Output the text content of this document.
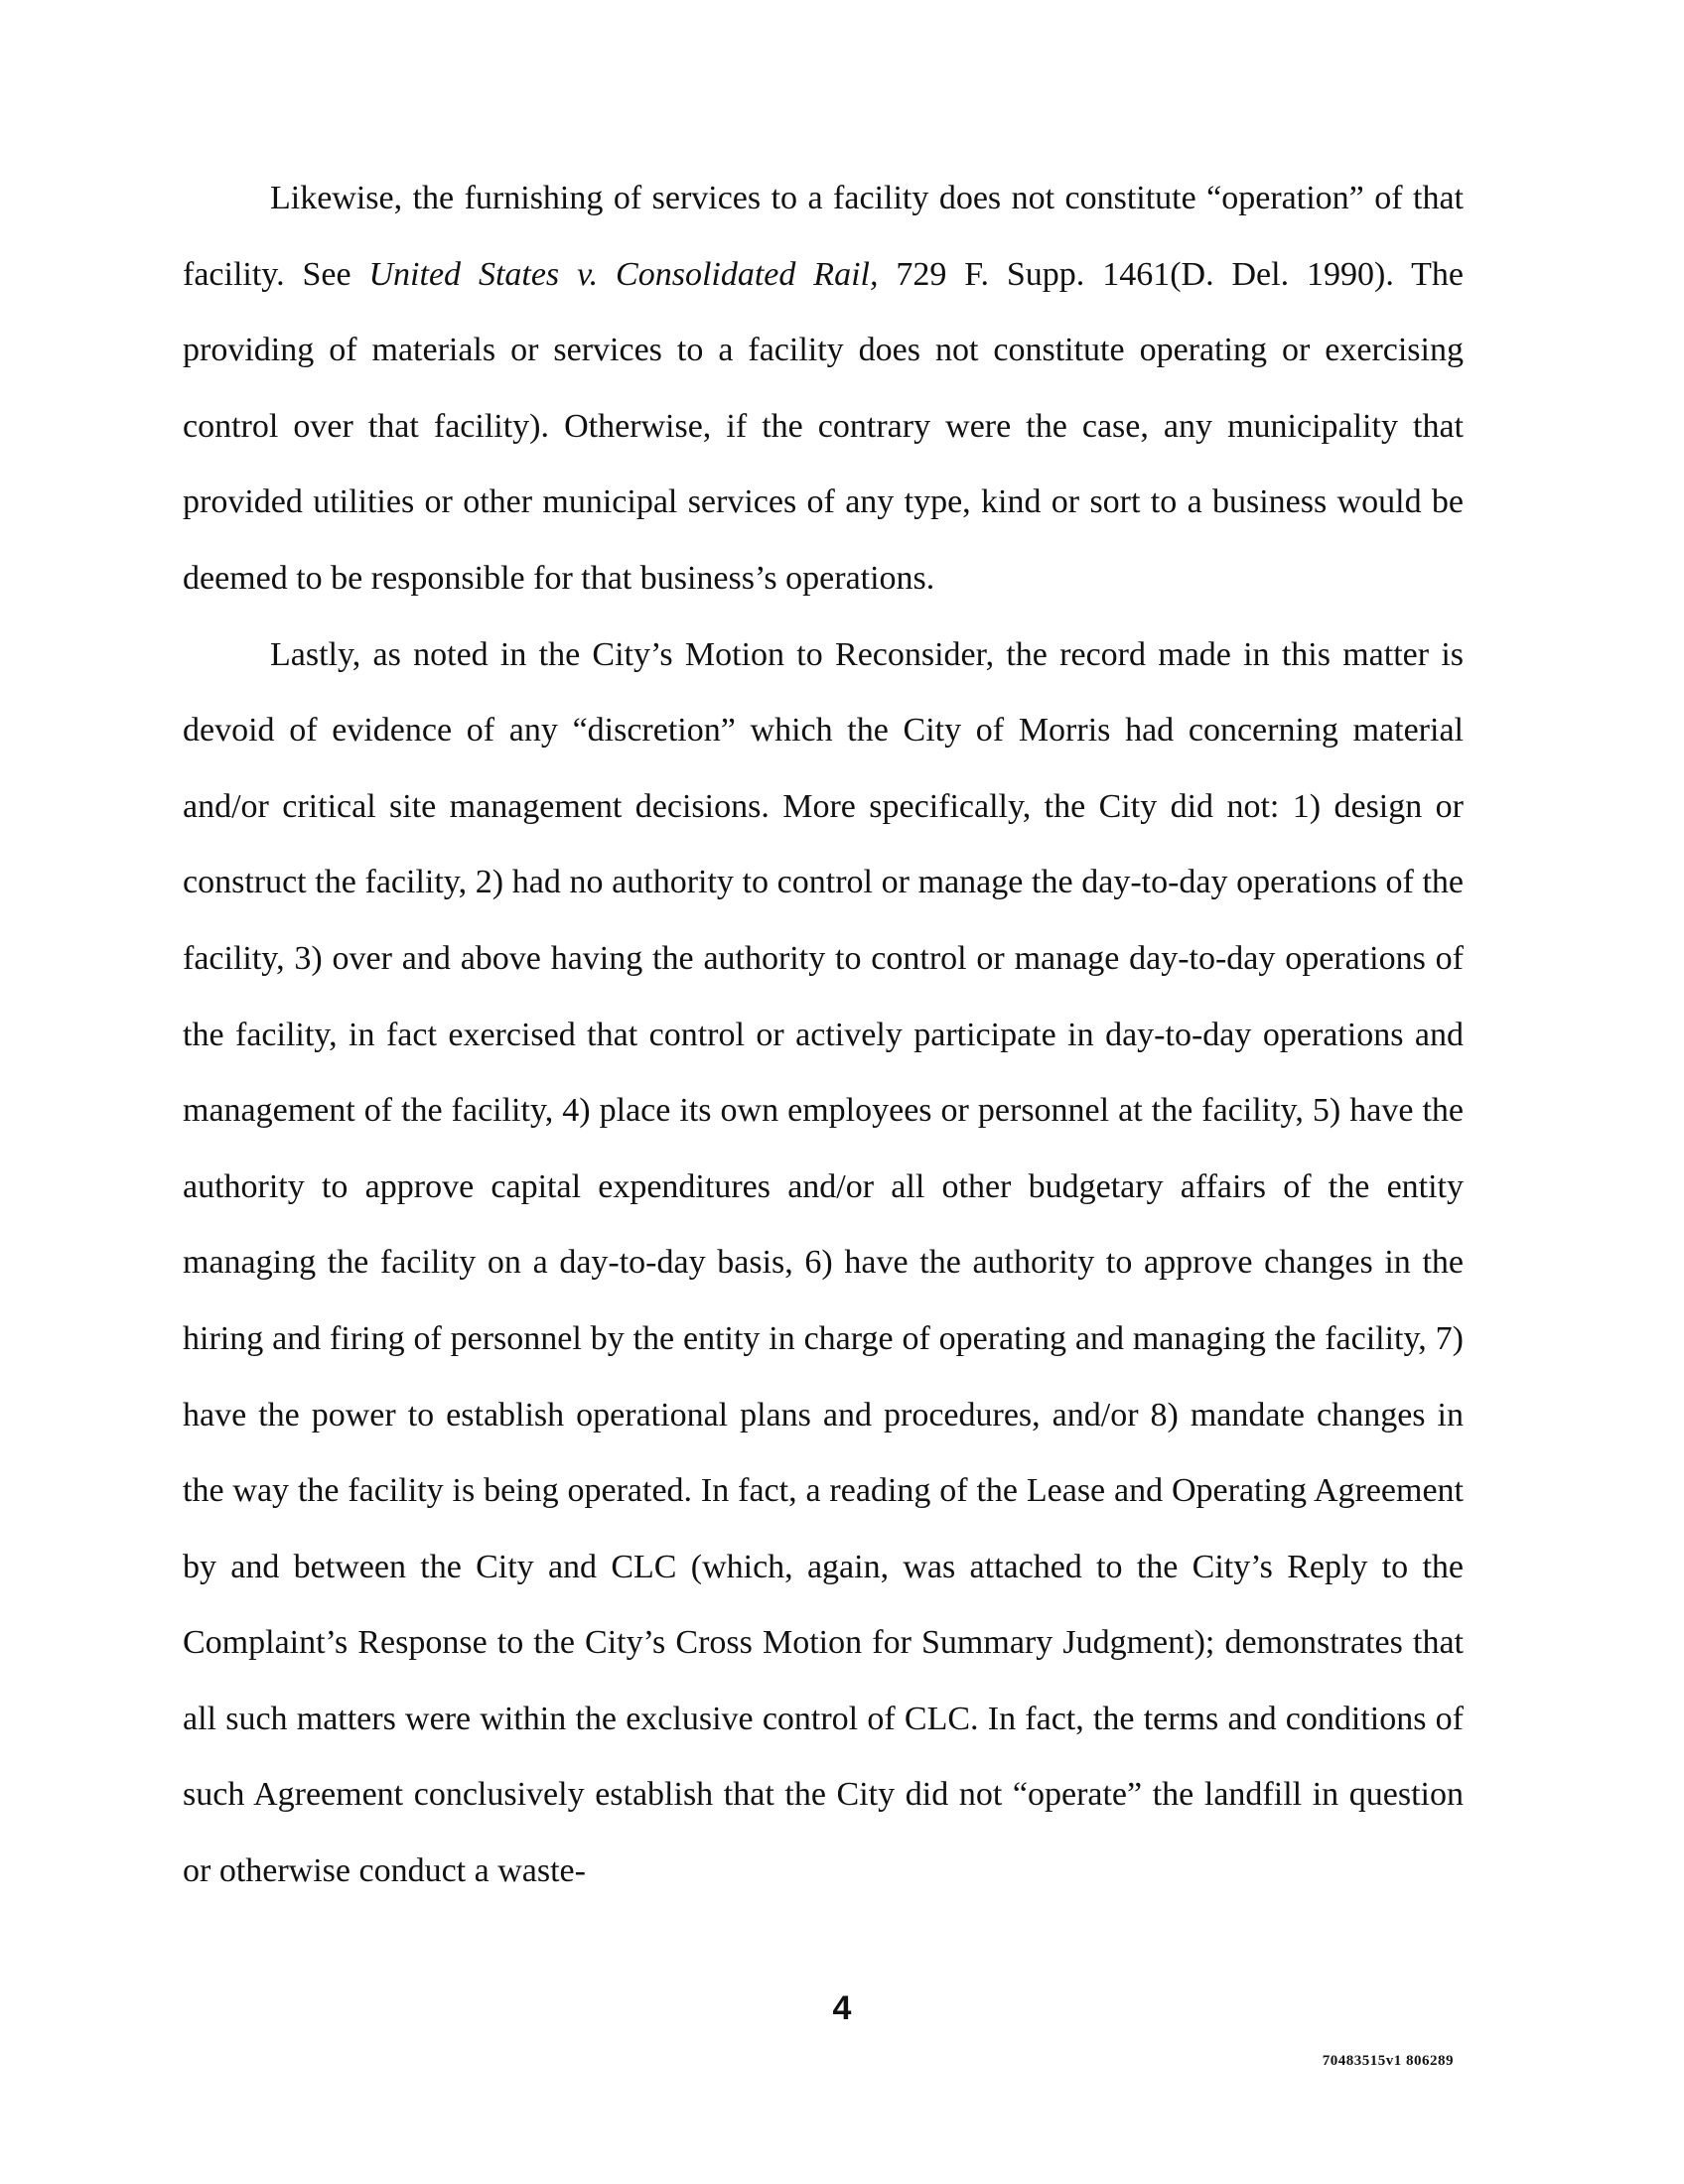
Likewise, the furnishing of services to a facility does not constitute “operation” of that facility. See United States v. Consolidated Rail, 729 F. Supp. 1461(D. Del. 1990). The providing of materials or services to a facility does not constitute operating or exercising control over that facility). Otherwise, if the contrary were the case, any municipality that provided utilities or other municipal services of any type, kind or sort to a business would be deemed to be responsible for that business’s operations.

Lastly, as noted in the City’s Motion to Reconsider, the record made in this matter is devoid of evidence of any “discretion” which the City of Morris had concerning material and/or critical site management decisions. More specifically, the City did not: 1) design or construct the facility, 2) had no authority to control or manage the day-to-day operations of the facility, 3) over and above having the authority to control or manage day-to-day operations of the facility, in fact exercised that control or actively participate in day-to-day operations and management of the facility, 4) place its own employees or personnel at the facility, 5) have the authority to approve capital expenditures and/or all other budgetary affairs of the entity managing the facility on a day-to-day basis, 6) have the authority to approve changes in the hiring and firing of personnel by the entity in charge of operating and managing the facility, 7) have the power to establish operational plans and procedures, and/or 8) mandate changes in the way the facility is being operated. In fact, a reading of the Lease and Operating Agreement by and between the City and CLC (which, again, was attached to the City’s Reply to the Complaint’s Response to the City’s Cross Motion for Summary Judgment); demonstrates that all such matters were within the exclusive control of CLC. In fact, the terms and conditions of such Agreement conclusively establish that the City did not “operate” the landfill in question or otherwise conduct a waste-

4
70483515v1 806289
